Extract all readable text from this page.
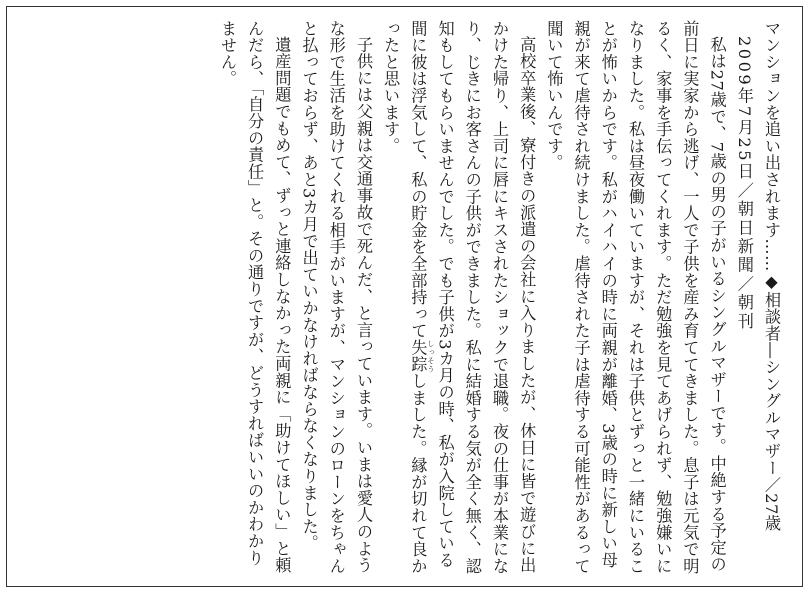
マンションを追い出されます……◆相談者―シングルマザー／27歳

2009年7月25日／朝日新聞／朝刊

私は27歳で、7歳の男の子がいるシングルマザーです。中絶する予定の前日に実家から逃げ、一人で子供を産み育ててきました。息子は元気で明るく、家事を手伝ってくれます。ただ勉強を見てあげられず、勉強嫌いになりました。私は昼夜働いていますが、それは子供とずっと一緒にいることが怖いからです。私がハイハイの時に両親が離婚、3歳の時に新しい母親が来て虐待され続けました。虐待された子は虐待する可能性があるって聞いて怖いんです。

高校卒業後、寮付きの派遣の会社に入りましたが、休日に皆で遊びに出かけた帰り、上司に唇にキスされたショックで退職。夜の仕事が本業になり、じきにお客さんの子供ができました。私に結婚する気が全く無く、認知もしてもらいませんでした。でも子供が3カ月の時、私が入院している間に彼は浮気して、私の貯金を全部持って失踪 しっそうしました。縁が切れて良かったと思います。

子供には父親は交通事故で死んだ、と言っています。いまは愛人のような形で生活を助けてくれる相手がいますが、マンションのローンをちゃんと払っておらず、あと3カ月で出ていかなければならなくなりました。

遺産問題でもめて、ずっと連絡しなかった両親に「助けてほしい」と頼んだら、「自分の責任」と。その通りですが、どうすればいいのかわかりません。
